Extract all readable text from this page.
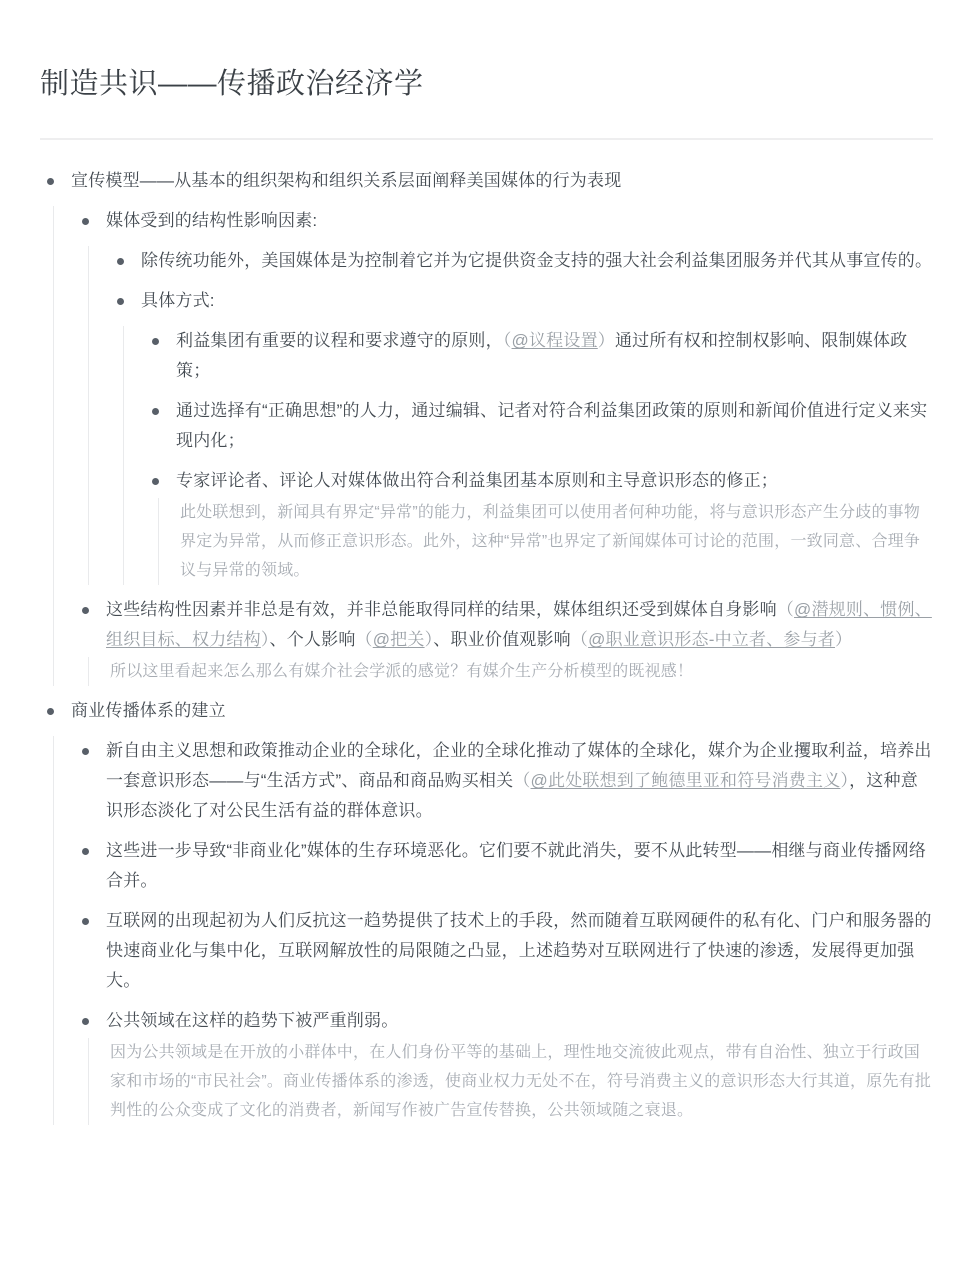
制造共识——传播政治经济学
宣传模型——从基本的组织架构和组织关系层面阐释美国媒体的行为表现
媒体受到的结构性影响因素:
除传统功能外，美国媒体是为控制着它并为它提供资金支持的强大社会利益集团服务并代其从事宣传的。
具体方式:
利益集团有重要的议程和要求遵守的原则，（@议程设置）通过所有权和控制权影响、限制媒体政策；
通过选择有“正确思想”的人力，通过编辑、记者对符合利益集团政策的原则和新闻价值进行定义来实现内化；
专家评论者、评论人对媒体做出符合利益集团基本原则和主导意识形态的修正；
此处联想到，新闻具有界定“异常”的能力，利益集团可以使用者何种功能，将与意识形态产生分歧的事物界定为异常，从而修正意识形态。此外，这种“异常”也界定了新闻媒体可讨论的范围，一致同意、合理争议与异常的领域。
这些结构性因素并非总是有效，并非总能取得同样的结果，媒体组织还受到媒体自身影响（@潜规则、惯例、组织目标、权力结构）、个人影响（@把关）、职业价值观影响（@职业意识形态-中立者、参与者）
所以这里看起来怎么那么有媒介社会学派的感觉？有媒介生产分析模型的既视感！
商业传播体系的建立
新自由主义思想和政策推动企业的全球化，企业的全球化推动了媒体的全球化，媒介为企业攫取利益，培养出一套意识形态——与“生活方式”、商品和商品购买相关（@此处联想到了鲍德里亚和符号消费主义），这种意识形态淡化了对公民生活有益的群体意识。
这些进一步导致“非商业化”媒体的生存环境恶化。它们要不就此消失，要不从此转型——相继与商业传播网络合并。
互联网的出现起初为人们反抗这一趋势提供了技术上的手段，然而随着互联网硬件的私有化、门户和服务器的快速商业化与集中化，互联网解放性的局限随之凸显，上述趋势对互联网进行了快速的渗透，发展得更加强大。
公共领域在这样的趋势下被严重削弱。
因为公共领域是在开放的小群体中，在人们身份平等的基础上，理性地交流彼此观点，带有自治性、独立于行政国家和市场的“市民社会”。商业传播体系的渗透，使商业权力无处不在，符号消费主义的意识形态大行其道，原先有批判性的公众变成了文化的消费者，新闻写作被广告宣传替换，公共领域随之衰退。
